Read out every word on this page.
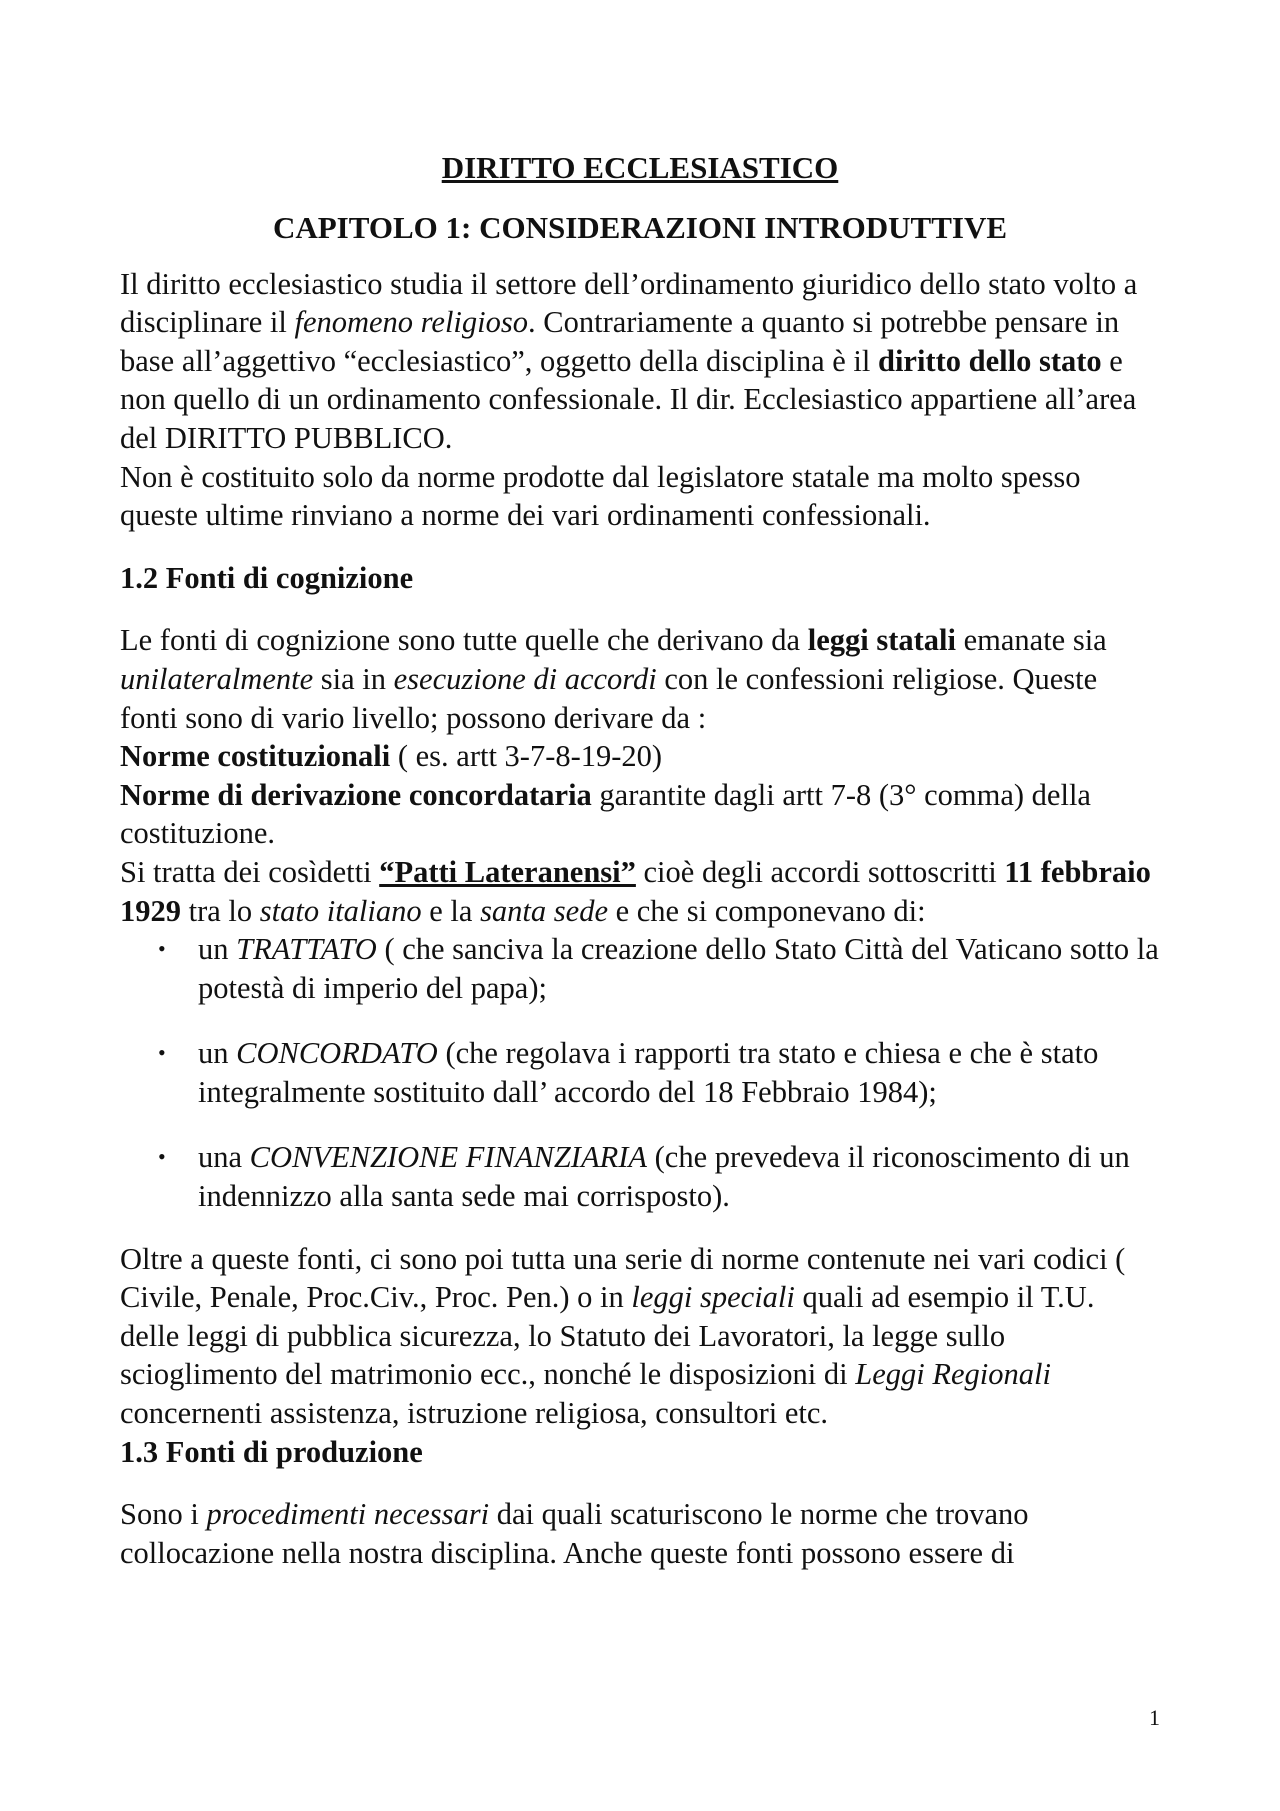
DIRITTO ECCLESIASTICO
CAPITOLO 1: CONSIDERAZIONI INTRODUTTIVE

Il diritto ecclesiastico studia il settore dell’ordinamento giuridico dello stato volto a disciplinare il fenomeno religioso. Contrariamente a quanto si potrebbe pensare in base all’aggettivo “ecclesiastico”, oggetto della disciplina è il diritto dello stato e non quello di un ordinamento confessionale. Il dir. Ecclesiastico appartiene all’area del DIRITTO PUBBLICO.

Non è costituito solo da norme prodotte dal legislatore statale ma molto spesso queste ultime rinviano a norme dei vari ordinamenti confessionali.

1.2 Fonti di cognizione

Le fonti di cognizione sono tutte quelle che derivano da leggi statali emanate sia unilateralmente sia in esecuzione di accordi con le confessioni religiose. Queste fonti sono di vario livello; possono derivare da :

Norme costituzionali ( es. artt 3-7-8-19-20)

Norme di derivazione concordataria garantite dagli artt 7-8 (3° comma) della costituzione.

Si tratta dei cosìdetti “Patti Lateranensi” cioè degli accordi sottoscritti 11 febbraio 1929 tra lo stato italiano e la santa sede e che si componevano di:

• un TRATTATO ( che sanciva la creazione dello Stato Città del Vaticano sotto la potestà di imperio del papa);
• un CONCORDATO (che regolava i rapporti tra stato e chiesa e che è stato integralmente sostituito dall’ accordo del 18 Febbraio 1984);
• una CONVENZIONE FINANZIARIA (che prevedeva il riconoscimento di un indennizzo alla santa sede mai corrisposto).

Oltre a queste fonti, ci sono poi tutta una serie di norme contenute nei vari codici ( Civile, Penale, Proc.Civ., Proc. Pen.) o in leggi speciali quali ad esempio il T.U. delle leggi di pubblica sicurezza, lo Statuto dei Lavoratori, la legge sullo scioglimento del matrimonio ecc., nonché le disposizioni di Leggi Regionali concernenti assistenza, istruzione religiosa, consultori etc.

1.3 Fonti di produzione

Sono i procedimenti necessari dai quali scaturiscono le norme che trovano collocazione nella nostra disciplina. Anche queste fonti possono essere di

1
